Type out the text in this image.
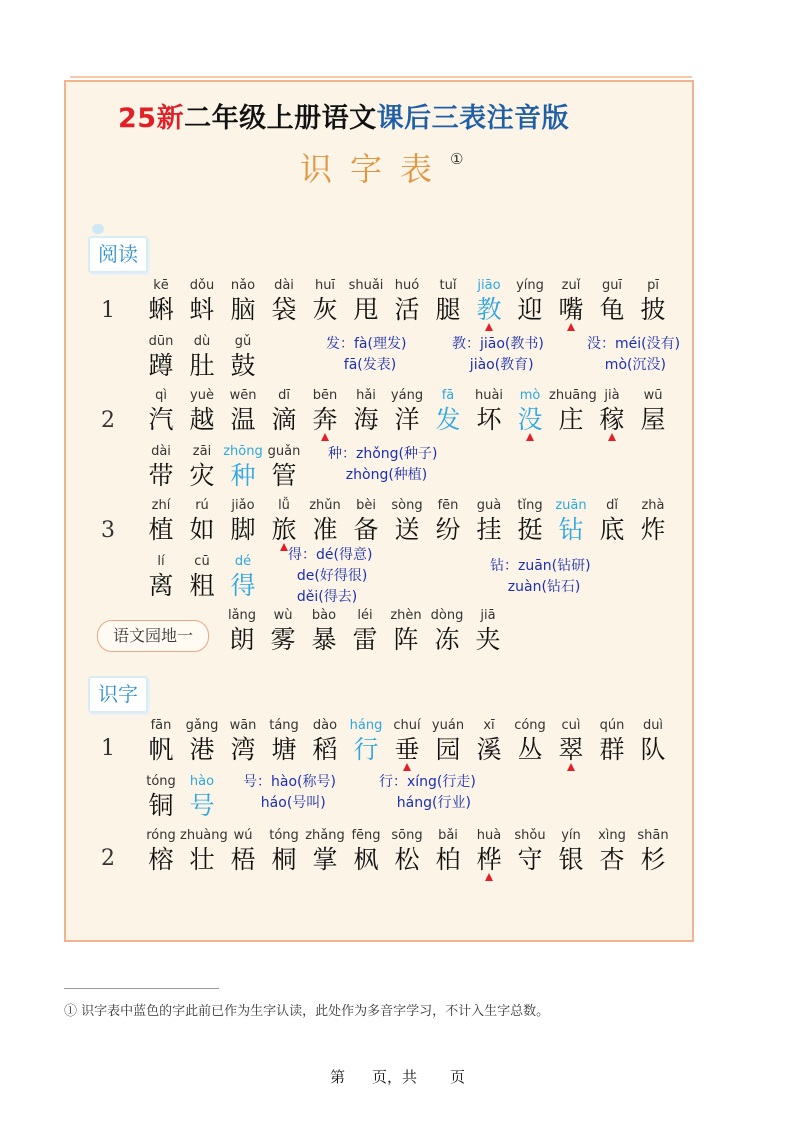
25新二年级上册语文课后三表注音版
识字表①
阅读
识字
1
2
3
1
2
语文园地一
kē
蝌
dǒu
蚪
nǎo
脑
dài
袋
huī
灰
shuǎi
甩
huó
活
tuǐ
腿
jiāo
教
yíng
迎
zuǐ
嘴
guī
龟
pī
披
dūn
蹲
dù
肚
gǔ
鼓
qì
汽
yuè
越
wēn
温
dī
滴
bēn
奔
hǎi
海
yáng
洋
fā
发
huài
坏
mò
没
zhuāng
庄
jià
稼
wū
屋
dài
带
zāi
灾
zhōng
种
guǎn
管
zhí
植
rú
如
jiǎo
脚
lǚ
旅
zhǔn
准
bèi
备
sòng
送
fēn
纷
guà
挂
tǐng
挺
zuān
钻
dǐ
底
zhà
炸
lí
离
cū
粗
dé
得
lǎng
朗
wù
雾
bào
暴
léi
雷
zhèn
阵
dòng
冻
jiā
夹
fān
帆
gǎng
港
wān
湾
táng
塘
dào
稻
háng
行
chuí
垂
yuán
园
xī
溪
cóng
丛
cuì
翠
qún
群
duì
队
tóng
铜
hào
号
róng
榕
zhuàng
壮
wú
梧
tóng
桐
zhǎng
掌
fēng
枫
sōng
松
bǎi
柏
huà
桦
shǒu
守
yín
银
xìng
杏
shān
杉
发：fà(理发)
fā(发表)
教：jiāo(教书)
jiào(教育)
没：méi(没有)
mò(沉没)
种：zhǒng(种子)
zhòng(种植)
得：dé(得意)
de(好得很)
děi(得去)
钻：zuān(钻研)
zuàn(钻石)
号：hào(称号)
háo(号叫)
行：xíng(行走)
háng(行业)
① 识字表中蓝色的字此前已作为生字认读，此处作为多音字学习，不计入生字总数。
第 页，共 页
